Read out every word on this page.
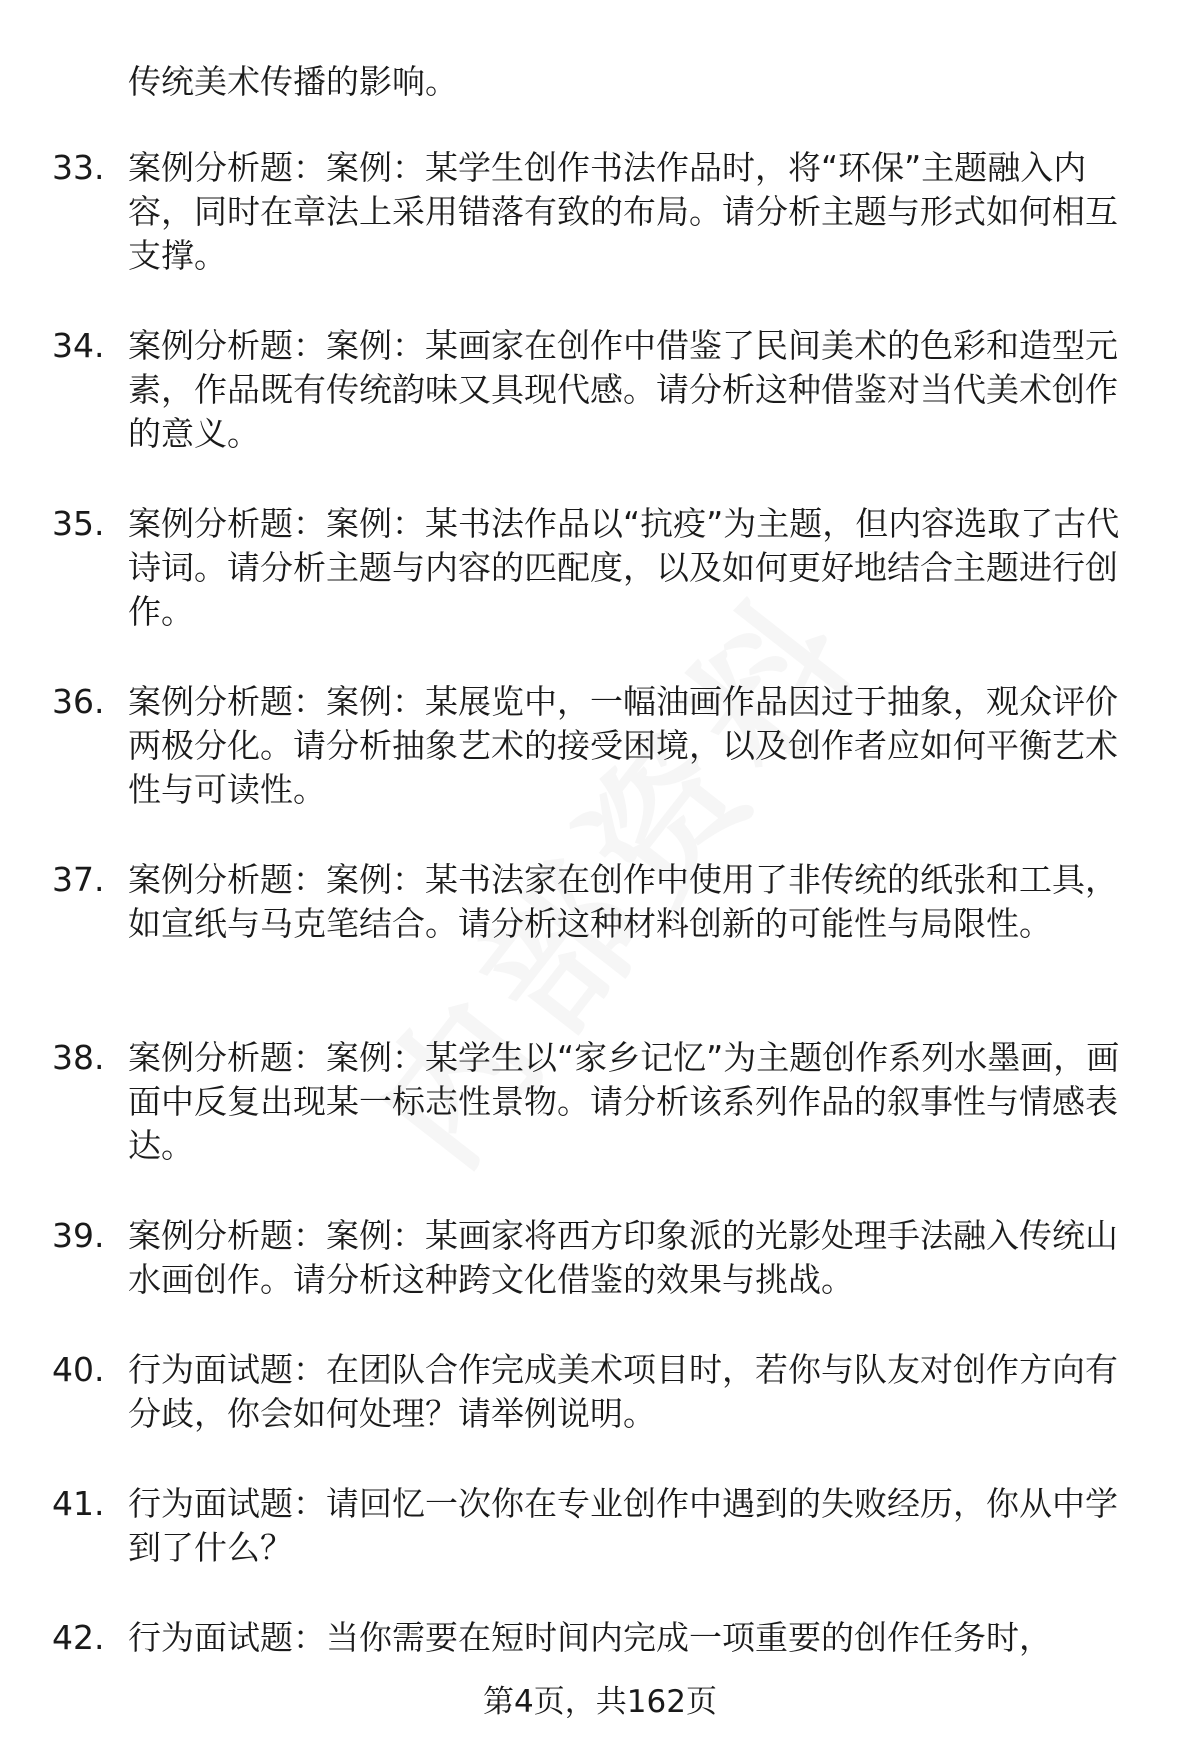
传统美术传播的影响。
33. 案例分析题：案例：某学生创作书法作品时，将“环保”主题融入内容，同时在章法上采用错落有致的布局。请分析主题与形式如何相互支撑。
34. 案例分析题：案例：某画家在创作中借鉴了民间美术的色彩和造型元素，作品既有传统韵味又具现代感。请分析这种借鉴对当代美术创作的意义。
35. 案例分析题：案例：某书法作品以“抗疫”为主题，但内容选取了古代诗词。请分析主题与内容的匹配度，以及如何更好地结合主题进行创作。
36. 案例分析题：案例：某展览中，一幅油画作品因过于抽象，观众评价两极分化。请分析抽象艺术的接受困境，以及创作者应如何平衡艺术性与可读性。
37. 案例分析题：案例：某书法家在创作中使用了非传统的纸张和工具，如宣纸与马克笔结合。请分析这种材料创新的可能性与局限性。
38. 案例分析题：案例：某学生以“家乡记忆”为主题创作系列水墨画，画面中反复出现某一标志性景物。请分析该系列作品的叙事性与情感表达。
39. 案例分析题：案例：某画家将西方印象派的光影处理手法融入传统山水画创作。请分析这种跨文化借鉴的效果与挑战。
40. 行为面试题：在团队合作完成美术项目时，若你与队友对创作方向有分歧，你会如何处理？请举例说明。
41. 行为面试题：请回忆一次你在专业创作中遇到的失败经历，你从中学到了什么？
42. 行为面试题：当你需要在短时间内完成一项重要的创作任务时，
第4页，共162页
